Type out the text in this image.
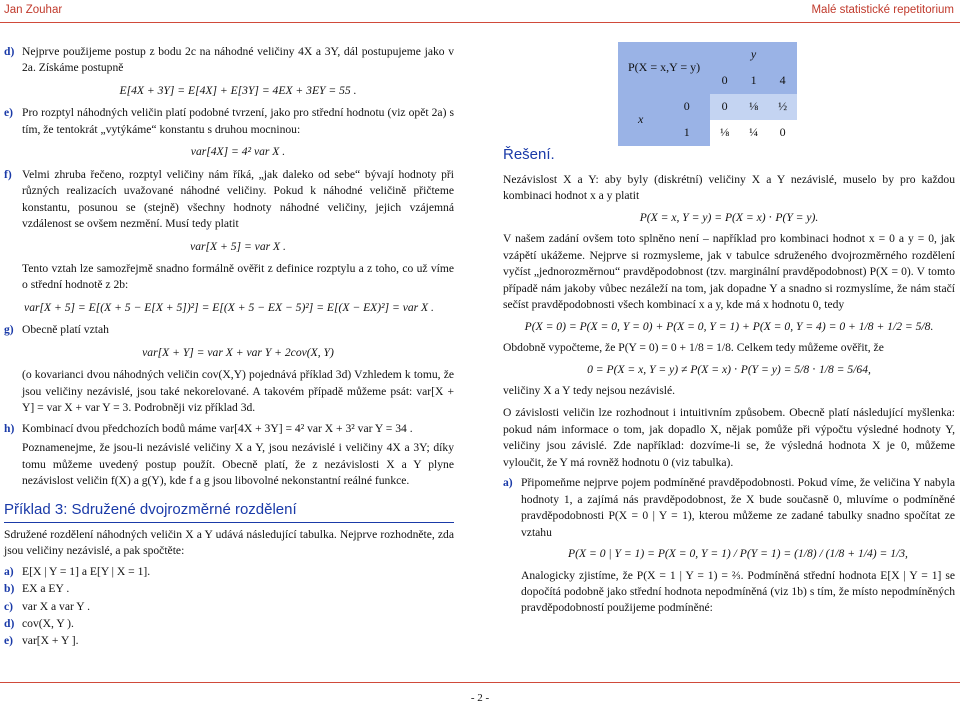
Jan Zouhar	Malé statistické repetitorium
d) Nejprve použijeme postup z bodu 2c na náhodné veličiny 4X a 3Y, dál postupujeme jako v 2a. Získáme postupně
E[4X + 3Y] = E[4X] + E[3Y] = 4EX + 3EY = 55 .
e) Pro rozptyl náhodných veličin platí podobné tvrzení, jako pro střední hodnotu (viz opět 2a) s tím, že tentokrát „vytýkáme“ konstantu s druhou mocninou:
var[4X] = 4² var X .
f) Velmi zhruba řečeno, rozptyl veličiny nám říká, „jak daleko od sebe“ bývají hodnoty při různých realizacích uvažované náhodné veličiny. Pokud k náhodné veličině přičteme konstantu, posunou se (stejně) všechny hodnoty náhodné veličiny, jejich vzájemná vzdálenost se ovšem nezmění. Musí tedy platit
var[X + 5] = var X .
Tento vztah lze samozřejmě snadno formálně ověřit z definice rozptylu a z toho, co už víme o střední hodnotě z 2b:
var[X + 5] = E[(X + 5 − E[X + 5])²] = E[(X + 5 − EX − 5)²] = E[(X − EX)²] = var X .
g) Obecně platí vztah
var[X + Y] = var X + var Y + 2cov(X, Y)
(o kovarianci dvou náhodných veličin cov(X,Y) pojednává příklad 3d) Vzhledem k tomu, že jsou veličiny nezávislé, jsou také nekorelované. A takovém případě můžeme psát: var[X + Y] = var X + var Y = 3. Podrobněji viz příklad 3d.
h) Kombinací dvou předchozích bodů máme var[4X + 3Y] = 4² var X + 3² var Y = 34 .
Poznamenejme, že jsou-li nezávislé veličiny X a Y, jsou nezávislé i veličiny 4X a 3Y; díky tomu můžeme uvedený postup použít. Obecně platí, že z nezávislosti X a Y plyne nezávislost veličin f(X) a g(Y), kde f a g jsou libovolné nekonstantní reálné funkce.
Příklad 3: Sdružené dvojrozměrné rozdělení

Sdružené rozdělení náhodných veličin X a Y udává následující tabulka. Nejprve rozhodněte, zda jsou veličiny nezávislé, a pak spočtěte:

a) E[X | Y = 1] a E[Y | X = 1].
b) EX a EY .
c) var X a var Y .
d) cov(X, Y ).
e) var[X + Y ].
P(X = x,Y = y)		y		
		0	1	4
x	0	0	⅛	½
	1	⅛	¼	0
Řešení.

Nezávislost X a Y: aby byly (diskrétní) veličiny X a Y nezávislé, muselo by pro každou kombinaci hodnot x a y platit

P(X = x, Y = y) = P(X = x) ⋅ P(Y = y).

V našem zadání ovšem toto splněno není – například pro kombinaci hodnot x = 0 a y = 0, jak vzápětí ukážeme. Nejprve si rozmysleme, jak v tabulce sdruženého dvojrozměrného rozdělení vyčíst „jednorozměrnou“ pravděpodobnost (tzv. marginální pravděpodobnost) P(X = 0). V tomto případě nám jakoby vůbec nezáleží na tom, jak dopadne Y a snadno si rozmyslíme, že nám stačí sečíst pravděpodobnosti všech kombinací x a y, kde má x hodnotu 0, tedy

P(X = 0) = P(X = 0, Y = 0) + P(X = 0, Y = 1) + P(X = 0, Y = 4) = 0 + 1/8 + 1/2 = 5/8.

Obdobně vypočteme, že P(Y = 0) = 0 + 1/8 = 1/8. Celkem tedy můžeme ověřit, že

0 = P(X = x, Y = y) ≠ P(X = x) ⋅ P(Y = y) = 5/8 ⋅ 1/8 = 5/64,

veličiny X a Y tedy nejsou nezávislé.

O závislosti veličin lze rozhodnout i intuitivním způsobem. Obecně platí následující myšlenka: pokud nám informace o tom, jak dopadlo X, nějak pomůže při výpočtu výsledné hodnoty Y, veličiny jsou závislé. Zde například: dozvíme-li se, že výsledná hodnota X je 0, můžeme vyloučit, že Y má rovněž hodnotu 0 (viz tabulka).

a) Připomeňme nejprve pojem podmíněné pravděpodobnosti. Pokud víme, že veličina Y nabyla hodnoty 1, a zajímá nás pravděpodobnost, že X bude současně 0, mluvíme o podmíněné pravděpodobnosti P(X = 0 | Y = 1), kterou můžeme ze zadané tabulky snadno spočítat ze vztahu
P(X = 0 | Y = 1) = P(X = 0, Y = 1) / P(Y = 1) = (1/8) / (1/8 + 1/4) = 1/3,
Analogicky zjistíme, že P(X = 1 | Y = 1) = ⅔. Podmíněná střední hodnota E[X | Y = 1] se dopočítá podobně jako střední hodnota nepodmíněná (viz 1b) s tím, že místo nepodmíněných pravděpodobností použijeme podmíněné:
- 2 -
